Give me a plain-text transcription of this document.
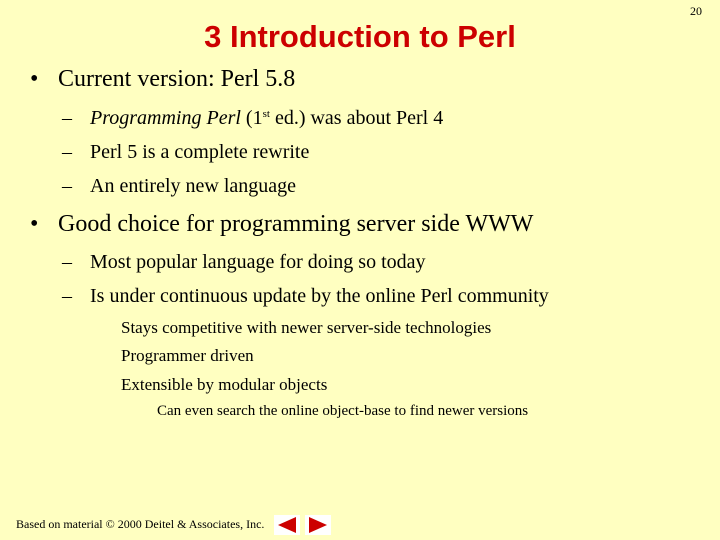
20
3 Introduction to Perl
• Current version: Perl 5.8
– Programming Perl (1st ed.) was about Perl 4
– Perl 5 is a complete rewrite
– An entirely new language
• Good choice for programming server side WWW
– Most popular language for doing so today
– Is under continuous update by the online Perl community
Stays competitive with newer server-side technologies
Programmer driven
Extensible by modular objects
Can even search the online object-base to find newer versions
Based on material © 2000 Deitel & Associates, Inc.
